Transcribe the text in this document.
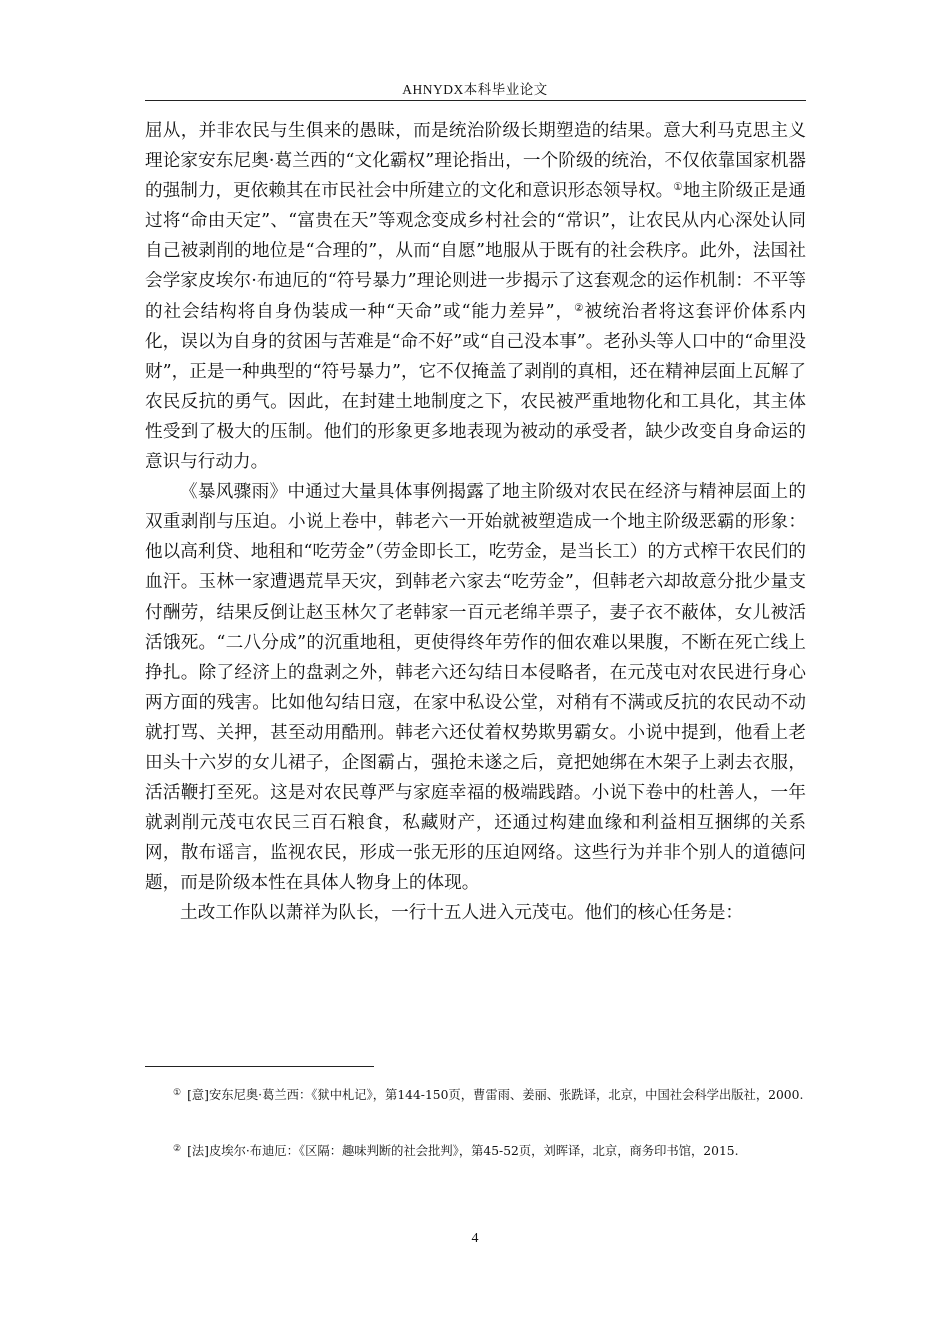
AHNYDX本科毕业论文

屈从，并非农民与生俱来的愚昧，而是统治阶级长期塑造的结果。意大利马克思主义理论家安东尼奥·葛兰西的“文化霸权”理论指出，一个阶级的统治，不仅依靠国家机器的强制力，更依赖其在市民社会中所建立的文化和意识形态领导权。①地主阶级正是通过将“命由天定”、“富贵在天”等观念变成乡村社会的“常识”，让农民从内心深处认同自己被剥削的地位是“合理的”，从而“自愿”地服从于既有的社会秩序。此外，法国社会学家皮埃尔·布迪厄的“符号暴力”理论则进一步揭示了这套观念的运作机制：不平等的社会结构将自身伪装成一种“天命”或“能力差异”，②被统治者将这套评价体系内化，误以为自身的贫困与苦难是“命不好”或“自己没本事”。老孙头等人口中的“命里没财”，正是一种典型的“符号暴力”，它不仅掩盖了剥削的真相，还在精神层面上瓦解了农民反抗的勇气。因此，在封建土地制度之下，农民被严重地物化和工具化，其主体性受到了极大的压制。他们的形象更多地表现为被动的承受者，缺少改变自身命运的意识与行动力。

《暴风骤雨》中通过大量具体事例揭露了地主阶级对农民在经济与精神层面上的双重剥削与压迫。小说上卷中，韩老六一开始就被塑造成一个地主阶级恶霸的形象：他以高利贷、地租和“吃劳金”（劳金即长工，吃劳金，是当长工）的方式榨干农民们的血汗。玉林一家遭遇荒旱天灾，到韩老六家去“吃劳金”，但韩老六却故意分批少量支付酬劳，结果反倒让赵玉林欠了老韩家一百元老绵羊票子，妻子衣不蔽体，女儿被活活饿死。“二八分成”的沉重地租，更使得终年劳作的佃农难以果腹，不断在死亡线上挣扎。除了经济上的盘剥之外，韩老六还勾结日本侵略者，在元茂屯对农民进行身心两方面的残害。比如他勾结日寇，在家中私设公堂，对稍有不满或反抗的农民动不动就打骂、关押，甚至动用酷刑。韩老六还仗着权势欺男霸女。小说中提到，他看上老田头十六岁的女儿裙子，企图霸占，强抢未遂之后，竟把她绑在木架子上剥去衣服，活活鞭打至死。这是对农民尊严与家庭幸福的极端践踏。小说下卷中的杜善人，一年就剥削元茂屯农民三百石粮食，私藏财产，还通过构建血缘和利益相互捆绑的关系网，散布谣言，监视农民，形成一张无形的压迫网络。这些行为并非个别人的道德问题，而是阶级本性在具体人物身上的体现。

土改工作队以萧祥为队长，一行十五人进入元茂屯。他们的核心任务是：

① [意]安东尼奥·葛兰西：《狱中札记》，第144-150页，曹雷雨、姜丽、张跣译，北京，中国社会科学出版社，2000.

② [法]皮埃尔·布迪厄：《区隔：趣味判断的社会批判》，第45-52页，刘晖译，北京，商务印书馆，2015.

4
